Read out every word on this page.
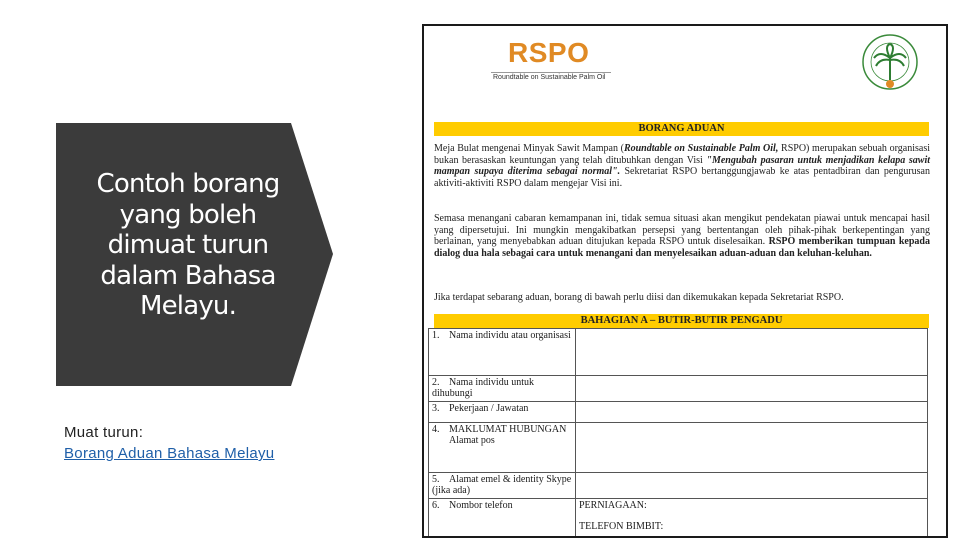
Contoh borang
yang boleh
dimuat turun
dalam Bahasa
Melayu.
Muat turun:
Borang Aduan Bahasa Melayu
RSPO
Roundtable on Sustainable Palm Oil
BORANG ADUAN
Meja Bulat mengenai Minyak Sawit Mampan (Roundtable on Sustainable Palm Oil, RSPO) merupakan sebuah organisasi bukan berasaskan keuntungan yang telah ditubuhkan dengan Visi "Mengubah pasaran untuk menjadikan kelapa sawit mampan supaya diterima sebagai normal". Sekretariat RSPO bertanggungjawab ke atas pentadbiran dan pengurusan aktiviti-aktiviti RSPO dalam mengejar Visi ini.
Semasa menangani cabaran kemampanan ini, tidak semua situasi akan mengikut pendekatan piawai untuk mencapai hasil yang dipersetujui. Ini mungkin mengakibatkan persepsi yang bertentangan oleh pihak-pihak berkepentingan yang berlainan, yang menyebabkan aduan ditujukan kepada RSPO untuk diselesaikan. RSPO memberikan tumpuan kepada dialog dua hala sebagai cara untuk menangani dan menyelesaikan aduan-aduan dan keluhan-keluhan.
Jika terdapat sebarang aduan, borang di bawah perlu diisi dan dikemukakan kepada Sekretariat RSPO.
BAHAGIAN A – BUTIR-BUTIR PENGADU
1. Nama individu atau organisasi	
2. Nama individu untuk dihubungi	
3. Pekerjaan / Jawatan	
4. MAKLUMAT HUBUNGAN
Alamat pos	
5. Alamat emel & identity Skype (jika ada)	
6. Nombor telefon	PERNIAGAAN:
TELEFON BIMBIT:
